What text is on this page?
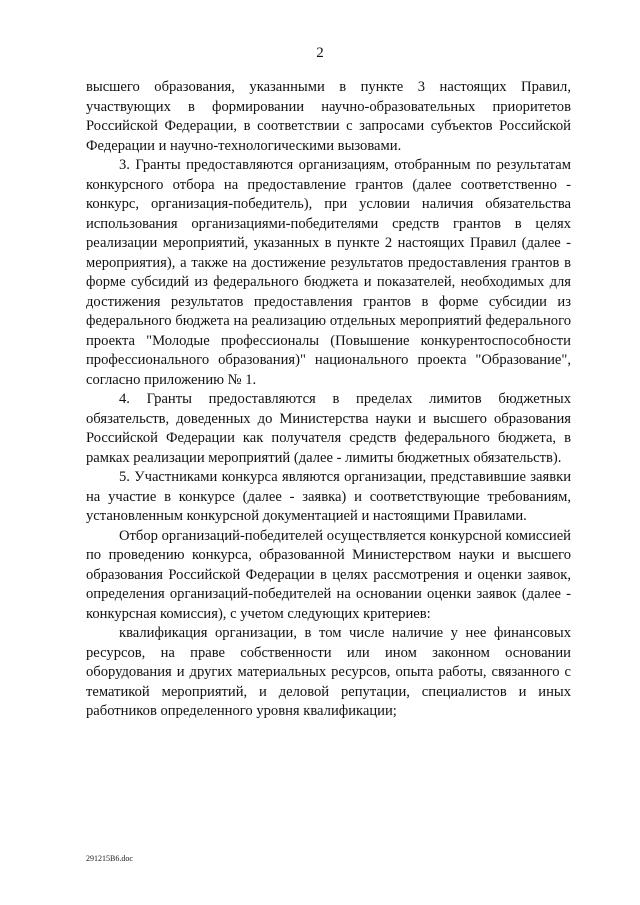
2

высшего образования, указанными в пункте 3 настоящих Правил, участвующих в формировании научно-образовательных приоритетов Российской Федерации, в соответствии с запросами субъектов Российской Федерации и научно-технологическими вызовами.

3. Гранты предоставляются организациям, отобранным по результатам конкурсного отбора на предоставление грантов (далее соответственно - конкурс, организация-победитель), при условии наличия обязательства использования организациями-победителями средств грантов в целях реализации мероприятий, указанных в пункте 2 настоящих Правил (далее - мероприятия), а также на достижение результатов предоставления грантов в форме субсидий из федерального бюджета и показателей, необходимых для достижения результатов предоставления грантов в форме субсидии из федерального бюджета на реализацию отдельных мероприятий федерального проекта "Молодые профессионалы (Повышение конкурентоспособности профессионального образования)" национального проекта "Образование", согласно приложению № 1.

4. Гранты предоставляются в пределах лимитов бюджетных обязательств, доведенных до Министерства науки и высшего образования Российской Федерации как получателя средств федерального бюджета, в рамках реализации мероприятий (далее - лимиты бюджетных обязательств).

5. Участниками конкурса являются организации, представившие заявки на участие в конкурсе (далее - заявка) и соответствующие требованиям, установленным конкурсной документацией и настоящими Правилами.

Отбор организаций-победителей осуществляется конкурсной комиссией по проведению конкурса, образованной Министерством науки и высшего образования Российской Федерации в целях рассмотрения и оценки заявок, определения организаций-победителей на основании оценки заявок (далее - конкурсная комиссия), с учетом следующих критериев:

квалификация организации, в том числе наличие у нее финансовых ресурсов, на праве собственности или ином законном основании оборудования и других материальных ресурсов, опыта работы, связанного с тематикой мероприятий, и деловой репутации, специалистов и иных работников определенного уровня квалификации;

291215B6.doc
